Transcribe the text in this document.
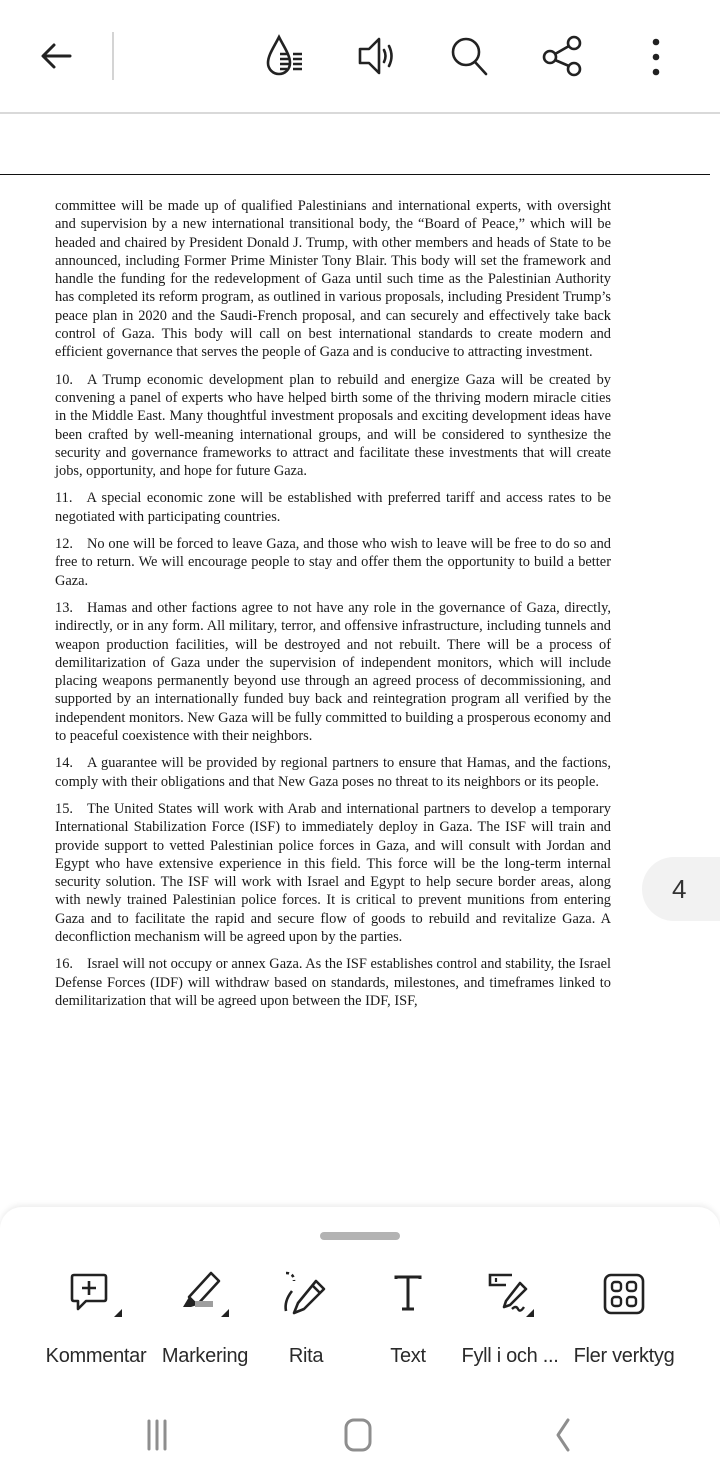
committee will be made up of qualified Palestinians and international experts, with oversight and supervision by a new international transitional body, the “Board of Peace,” which will be headed and chaired by President Donald J. Trump, with other members and heads of State to be announced, including Former Prime Minister Tony Blair. This body will set the framework and handle the funding for the redevelopment of Gaza until such time as the Palestinian Authority has completed its reform program, as outlined in various proposals, including President Trump’s peace plan in 2020 and the Saudi-French proposal, and can securely and effectively take back control of Gaza. This body will call on best international standards to create modern and efficient governance that serves the people of Gaza and is conducive to attracting investment.

10. A Trump economic development plan to rebuild and energize Gaza will be created by convening a panel of experts who have helped birth some of the thriving modern miracle cities in the Middle East. Many thoughtful investment proposals and exciting development ideas have been crafted by well-meaning international groups, and will be considered to synthesize the security and governance frameworks to attract and facilitate these investments that will create jobs, opportunity, and hope for future Gaza.

11. A special economic zone will be established with preferred tariff and access rates to be negotiated with participating countries.

12. No one will be forced to leave Gaza, and those who wish to leave will be free to do so and free to return. We will encourage people to stay and offer them the opportunity to build a better Gaza.

13. Hamas and other factions agree to not have any role in the governance of Gaza, directly, indirectly, or in any form. All military, terror, and offensive infrastructure, including tunnels and weapon production facilities, will be destroyed and not rebuilt. There will be a process of demilitarization of Gaza under the supervision of independent monitors, which will include placing weapons permanently beyond use through an agreed process of decommissioning, and supported by an internationally funded buy back and reintegration program all verified by the independent monitors. New Gaza will be fully committed to building a prosperous economy and to peaceful coexistence with their neighbors.

14. A guarantee will be provided by regional partners to ensure that Hamas, and the factions, comply with their obligations and that New Gaza poses no threat to its neighbors or its people.

15. The United States will work with Arab and international partners to develop a temporary International Stabilization Force (ISF) to immediately deploy in Gaza. The ISF will train and provide support to vetted Palestinian police forces in Gaza, and will consult with Jordan and Egypt who have extensive experience in this field. This force will be the long-term internal security solution. The ISF will work with Israel and Egypt to help secure border areas, along with newly trained Palestinian police forces. It is critical to prevent munitions from entering Gaza and to facilitate the rapid and secure flow of goods to rebuild and revitalize Gaza. A deconfliction mechanism will be agreed upon by the parties.

16. Israel will not occupy or annex Gaza. As the ISF establishes control and stability, the Israel Defense Forces (IDF) will withdraw based on standards, milestones, and timeframes linked to demilitarization that will be agreed upon between the IDF, ISF,

4
Kommentar Markering	Rita	Text	Fyll i och ... Fler verktyg
